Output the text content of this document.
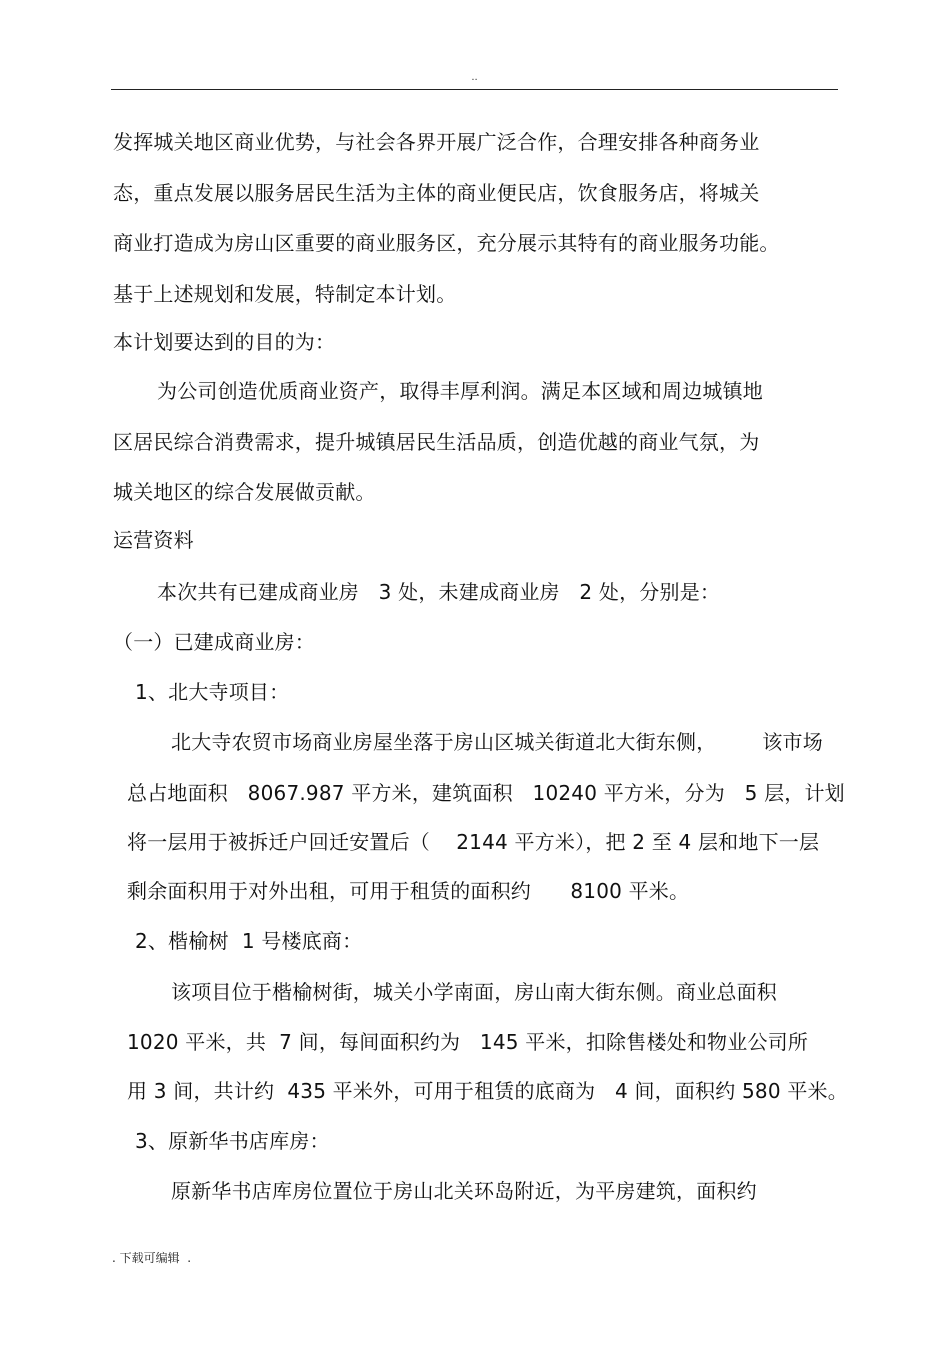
..
发挥城关地区商业优势，与社会各界开展广泛合作，合理安排各种商务业
态，重点发展以服务居民生活为主体的商业便民店，饮食服务店，将城关
商业打造成为房山区重要的商业服务区，充分展示其特有的商业服务功能。
基于上述规划和发展，特制定本计划。
本计划要达到的目的为：
为公司创造优质商业资产，取得丰厚利润。满足本区域和周边城镇地
区居民综合消费需求，提升城镇居民生活品质，创造优越的商业气氛，为
城关地区的综合发展做贡献。
运营资料
本次共有已建成商业房   3 处，未建成商业房   2 处，分别是：
（一）已建成商业房：
1、北大寺项目：
北大寺农贸市场商业房屋坐落于房山区城关街道北大街东侧，       该市场
总占地面积   8067.987 平方米，建筑面积   10240 平方米，分为   5 层，计划
将一层用于被拆迁户回迁安置后（    2144 平方米），把 2 至 4 层和地下一层
剩余面积用于对外出租，可用于租赁的面积约      8100 平米。
2、楷榆树  1 号楼底商：
该项目位于楷榆树街，城关小学南面，房山南大街东侧。商业总面积
1020 平米，共  7 间，每间面积约为   145 平米，扣除售楼处和物业公司所
用 3 间，共计约  435 平米外，可用于租赁的底商为   4 间，面积约 580 平米。
3、原新华书店库房：
原新华书店库房位置位于房山北关环岛附近，为平房建筑，面积约
. 下载可编辑  .
